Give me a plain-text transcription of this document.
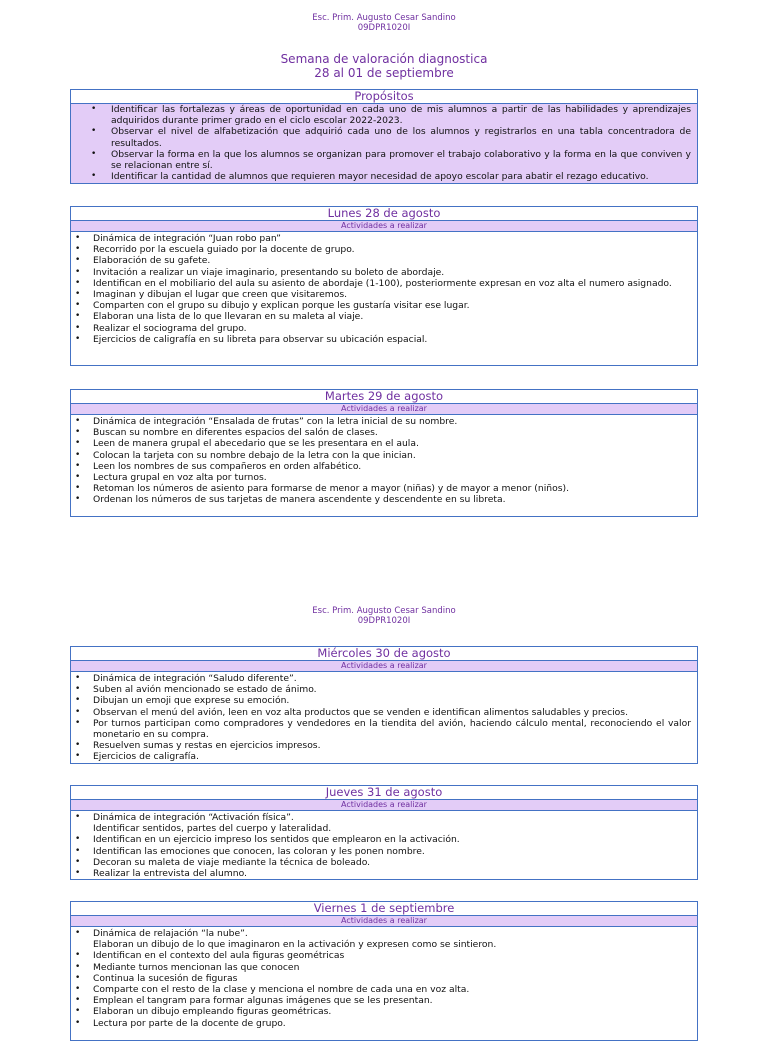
Esc. Prim. Augusto Cesar Sandino
09DPR1020I
Semana de valoración diagnostica
28 al 01 de septiembre
Propósitos
• Identificar las fortalezas y áreas de oportunidad en cada uno de mis alumnos a partir de las habilidades y aprendizajes adquiridos durante primer grado en el ciclo escolar 2022-2023.
• Observar el nivel de alfabetización que adquirió cada uno de los alumnos y registrarlos en una tabla concentradora de resultados.
• Observar la forma en la que los alumnos se organizan para promover el trabajo colaborativo y la forma en la que conviven y se relacionan entre sí.
• Identificar la cantidad de alumnos que requieren mayor necesidad de apoyo escolar para abatir el rezago educativo.
Lunes 28 de agosto
Actividades a realizar
• Dinámica de integración “Juan robo pan”
• Recorrido por la escuela guiado por la docente de grupo.
• Elaboración de su gafete.
• Invitación a realizar un viaje imaginario, presentando su boleto de abordaje.
• Identifican en el mobiliario del aula su asiento de abordaje (1-100), posteriormente expresan en voz alta el numero asignado.
• Imaginan y dibujan el lugar que creen que visitaremos.
• Comparten con el grupo su dibujo y explican porque les gustaría visitar ese lugar.
• Elaboran una lista de lo que llevaran en su maleta al viaje.
• Realizar el sociograma del grupo.
• Ejercicios de caligrafía en su libreta para observar su ubicación espacial.
Martes 29 de agosto
Actividades a realizar
• Dinámica de integración “Ensalada de frutas” con la letra inicial de su nombre.
• Buscan su nombre en diferentes espacios del salón de clases.
• Leen de manera grupal el abecedario que se les presentara en el aula.
• Colocan la tarjeta con su nombre debajo de la letra con la que inician.
• Leen los nombres de sus compañeros en orden alfabético.
• Lectura grupal en voz alta por turnos.
• Retoman los números de asiento para formarse de menor a mayor (niñas) y de mayor a menor (niños).
• Ordenan los números de sus tarjetas de manera ascendente y descendente en su libreta.
Esc. Prim. Augusto Cesar Sandino
09DPR1020I
Miércoles 30 de agosto
Actividades a realizar
• Dinámica de integración “Saludo diferente”.
• Suben al avión mencionado se estado de ánimo.
• Dibujan un emoji que exprese su emoción.
• Observan el menú del avión, leen en voz alta productos que se venden e identifican alimentos saludables y precios.
• Por turnos participan como compradores y vendedores en la tiendita del avión, haciendo cálculo mental, reconociendo el valor monetario en su compra.
• Resuelven sumas y restas en ejercicios impresos.
• Ejercicios de caligrafía.
Jueves 31 de agosto
Actividades a realizar
• Dinámica de integración “Activación física”.
Identificar sentidos, partes del cuerpo y lateralidad.
• Identifican en un ejercicio impreso los sentidos que emplearon en la activación.
• Identifican las emociones que conocen, las coloran y les ponen nombre.
• Decoran su maleta de viaje mediante la técnica de boleado.
• Realizar la entrevista del alumno.
Viernes 1 de septiembre
Actividades a realizar
• Dinámica de relajación “la nube”.
Elaboran un dibujo de lo que imaginaron en la activación y expresen como se sintieron.
• Identifican en el contexto del aula figuras geométricas
• Mediante turnos mencionan las que conocen
• Continua la sucesión de figuras
• Comparte con el resto de la clase y menciona el nombre de cada una en voz alta.
• Emplean el tangram para formar algunas imágenes que se les presentan.
• Elaboran un dibujo empleando figuras geométricas.
• Lectura por parte de la docente de grupo.
